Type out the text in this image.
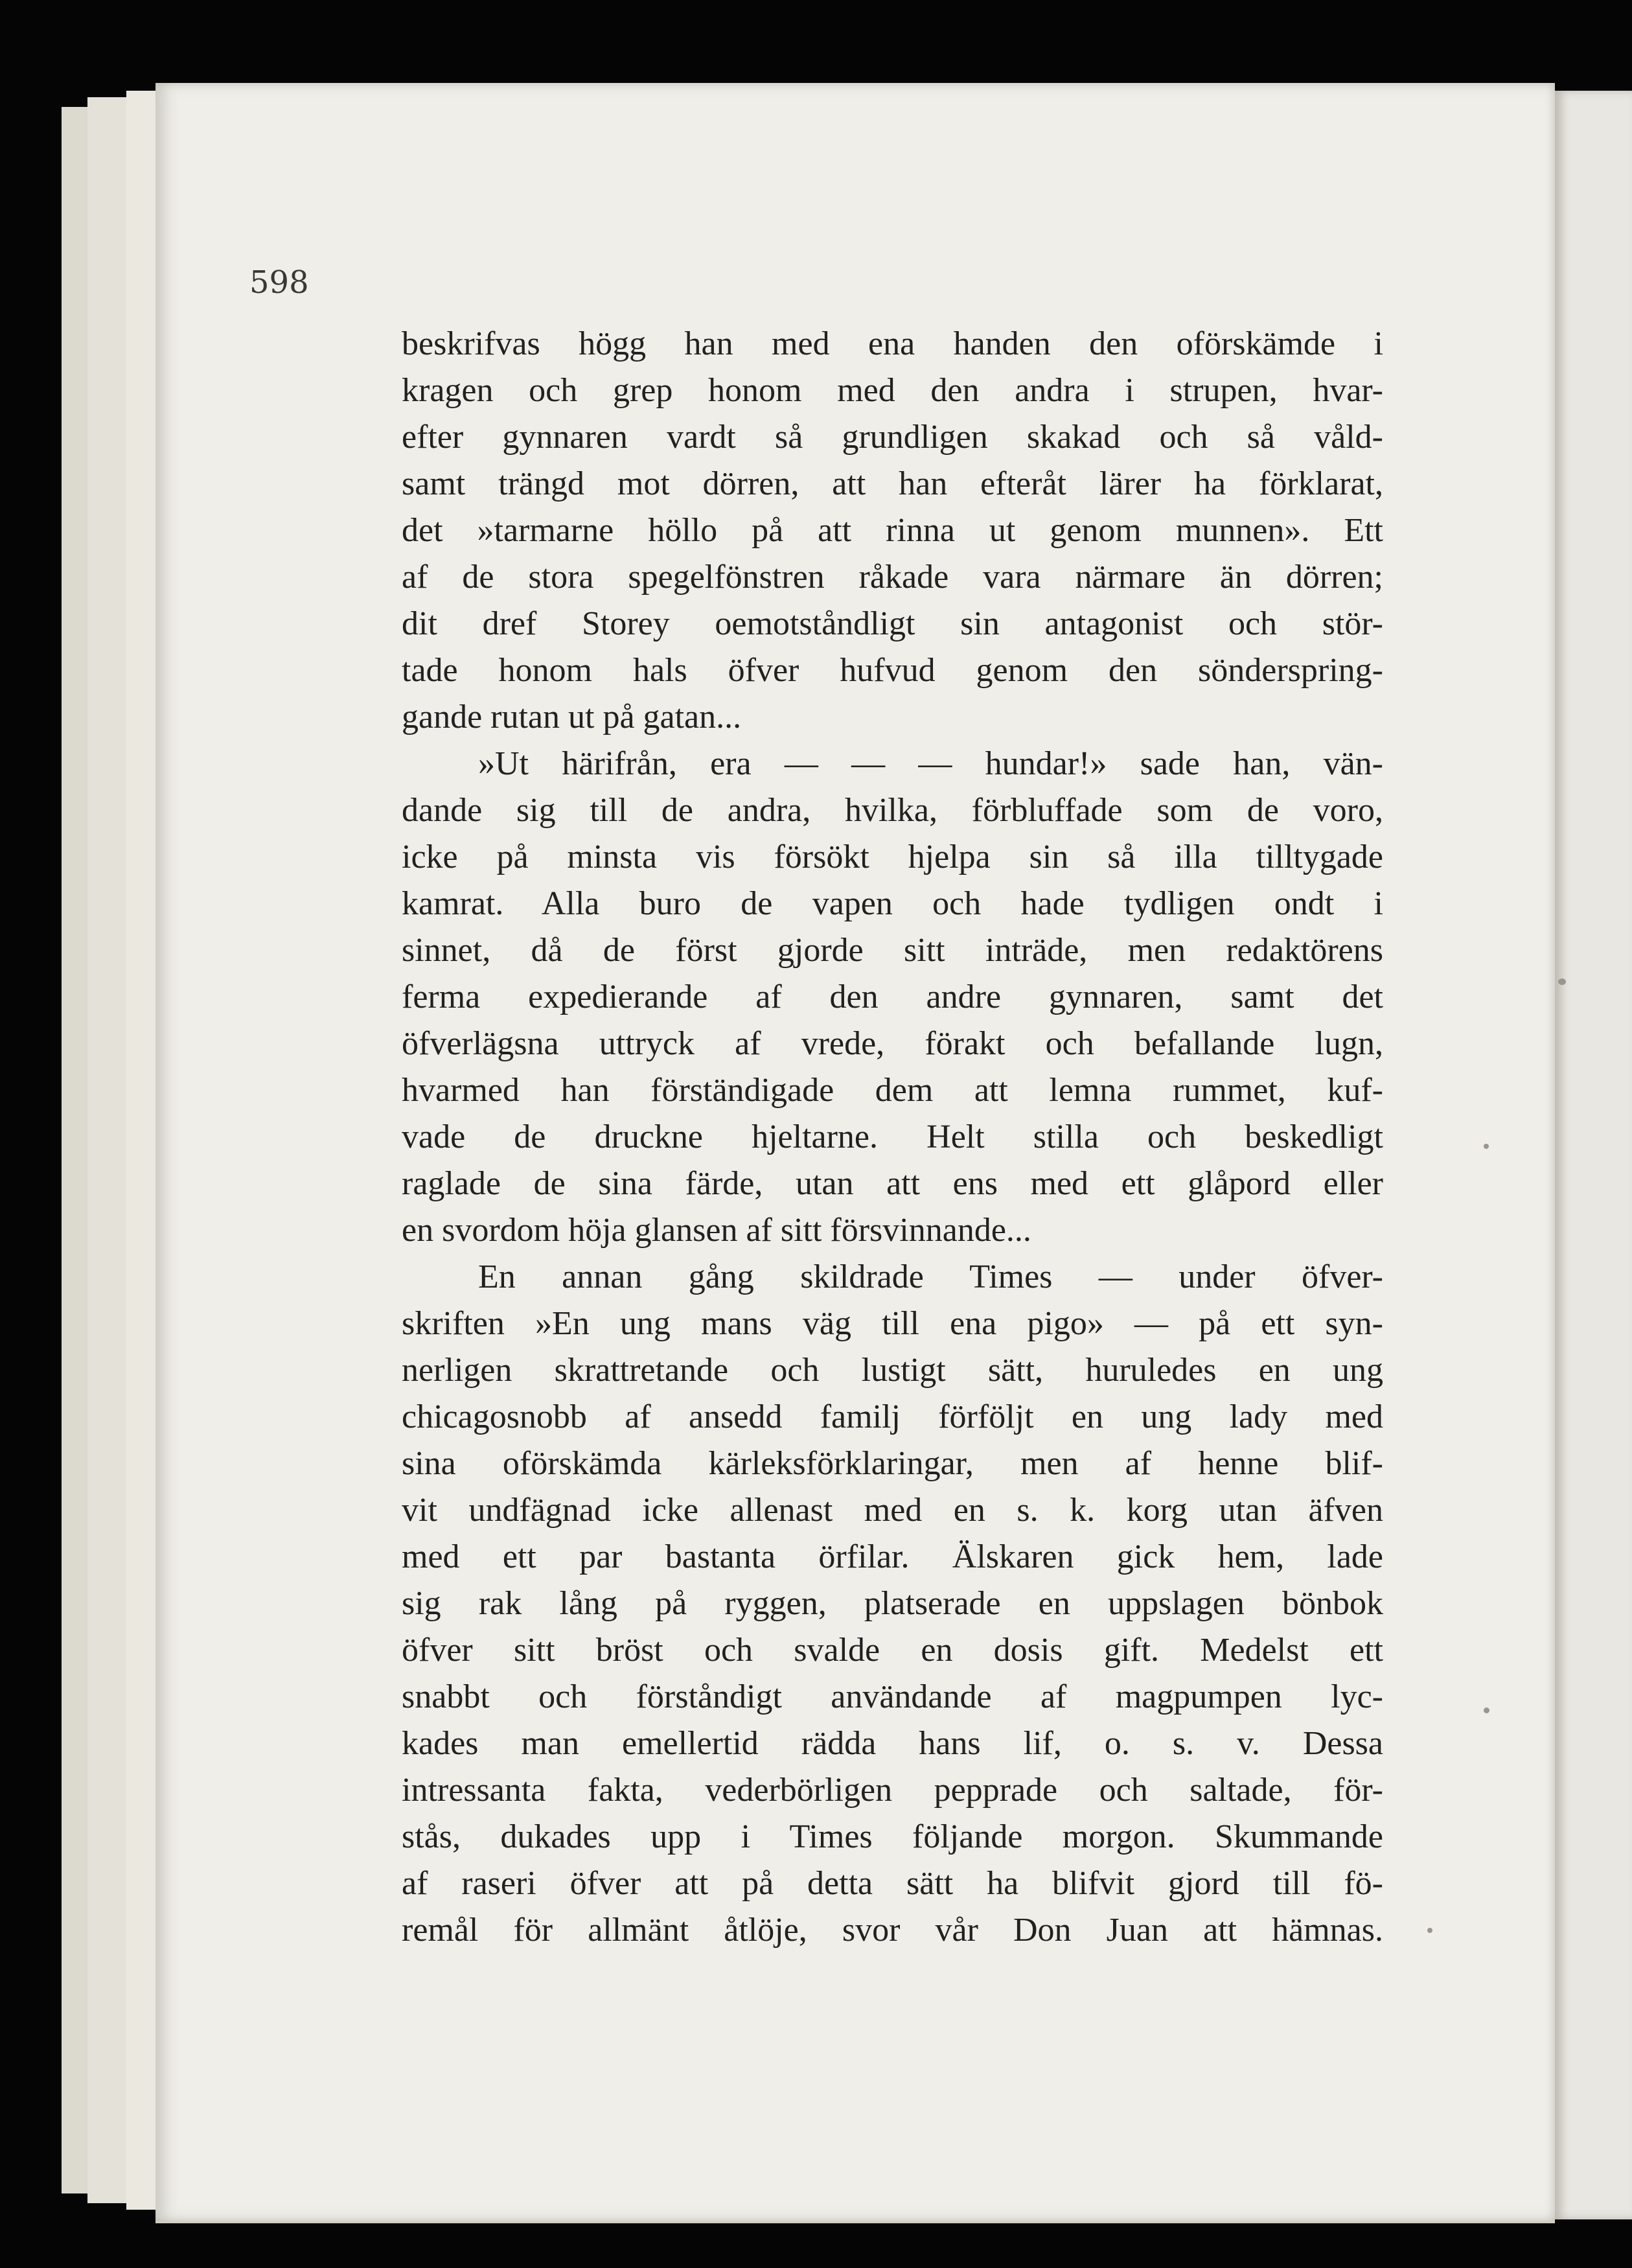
598

beskrifvas högg han med ena handen den oförskämde i
kragen och grep honom med den andra i strupen, hvar-
efter gynnaren vardt så grundligen skakad och så våld-
samt trängd mot dörren, att han efteråt lärer ha förklarat,
det »tarmarne höllo på att rinna ut genom munnen». Ett
af de stora spegelfönstren råkade vara närmare än dörren;
dit dref Storey oemotståndligt sin antagonist och stör-
tade honom hals öfver hufvud genom den sönderspring-
gande rutan ut på gatan...
»Ut härifrån, era — — — hundar!» sade han, vän-
dande sig till de andra, hvilka, förbluffade som de voro,
icke på minsta vis försökt hjelpa sin så illa tilltygade
kamrat. Alla buro de vapen och hade tydligen ondt i
sinnet, då de först gjorde sitt inträde, men redaktörens
ferma expedierande af den andre gynnaren, samt det
öfverlägsna uttryck af vrede, förakt och befallande lugn,
hvarmed han förständigade dem att lemna rummet, kuf-
vade de druckne hjeltarne. Helt stilla och beskedligt
raglade de sina färde, utan att ens med ett glåpord eller
en svordom höja glansen af sitt försvinnande...
En annan gång skildrade Times — under öfver-
skriften »En ung mans väg till ena pigo» — på ett syn-
nerligen skrattretande och lustigt sätt, huruledes en ung
chicagosnobb af ansedd familj förföljt en ung lady med
sina oförskämda kärleksförklaringar, men af henne blif-
vit undfägnad icke allenast med en s. k. korg utan äfven
med ett par bastanta örfilar. Älskaren gick hem, lade
sig rak lång på ryggen, platserade en uppslagen bönbok
öfver sitt bröst och svalde en dosis gift. Medelst ett
snabbt och förståndigt användande af magpumpen lyc-
kades man emellertid rädda hans lif, o. s. v. Dessa
intressanta fakta, vederbörligen pepprade och saltade, för-
stås, dukades upp i Times följande morgon. Skummande
af raseri öfver att på detta sätt ha blifvit gjord till fö-
remål för allmänt åtlöje, svor vår Don Juan att hämnas.
